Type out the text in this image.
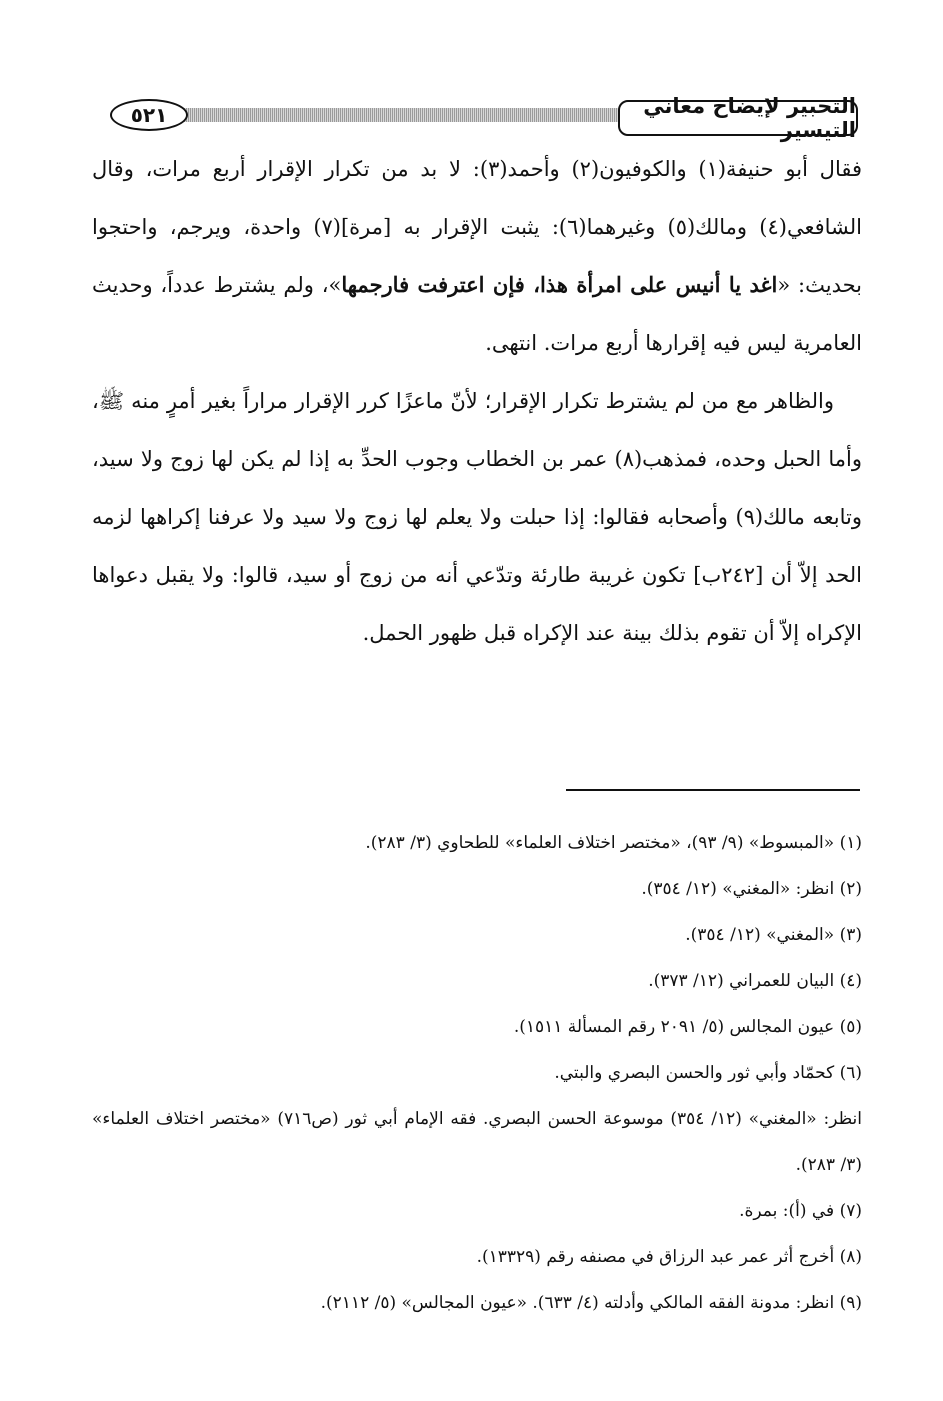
التحبير لإيضاح معاني التيسير
٥٢١

فقال أبو حنيفة(١) والكوفيون(٢) وأحمد(٣): لا بد من تكرار الإقرار أربع مرات، وقال الشافعي(٤) ومالك(٥) وغيرهما(٦): يثبت الإقرار به [مرة](٧) واحدة، ويرجم، واحتجوا بحديث: «اغد يا أنيس على امرأة هذا، فإن اعترفت فارجمها»، ولم يشترط عدداً، وحديث العامرية ليس فيه إقرارها أربع مرات. انتهى.

والظاهر مع من لم يشترط تكرار الإقرار؛ لأنّ ماعزًا كرر الإقرار مراراً بغير أمرٍ منه ﷺ، وأما الحبل وحده، فمذهب(٨) عمر بن الخطاب وجوب الحدِّ به إذا لم يكن لها زوج ولا سيد، وتابعه مالك(٩) وأصحابه فقالوا: إذا حبلت ولا يعلم لها زوج ولا سيد ولا عرفنا إكراهها لزمه الحد إلاّ أن [٢٤٢ب] تكون غريبة طارئة وتدّعي أنه من زوج أو سيد، قالوا: ولا يقبل دعواها الإكراه إلاّ أن تقوم بذلك بينة عند الإكراه قبل ظهور الحمل.

(١) «المبسوط» (٩/ ٩٣)، «مختصر اختلاف العلماء» للطحاوي (٣/ ٢٨٣).

(٢) انظر: «المغني» (١٢/ ٣٥٤).

(٣) «المغني» (١٢/ ٣٥٤).

(٤) البيان للعمراني (١٢/ ٣٧٣).

(٥) عيون المجالس (٥/ ٢٠٩١ رقم المسألة ١٥١١).

(٦) كحمّاد وأبي ثور والحسن البصري والبتي.

انظر: «المغني» (١٢/ ٣٥٤) موسوعة الحسن البصري. فقه الإمام أبي ثور (ص٧١٦) «مختصر اختلاف العلماء» (٣/ ٢٨٣).

(٧) في (أ): بمرة.

(٨) أخرج أثر عمر عبد الرزاق في مصنفه رقم (١٣٣٢٩).

(٩) انظر: مدونة الفقه المالكي وأدلته (٤/ ٦٣٣). «عيون المجالس» (٥/ ٢١١٢).
